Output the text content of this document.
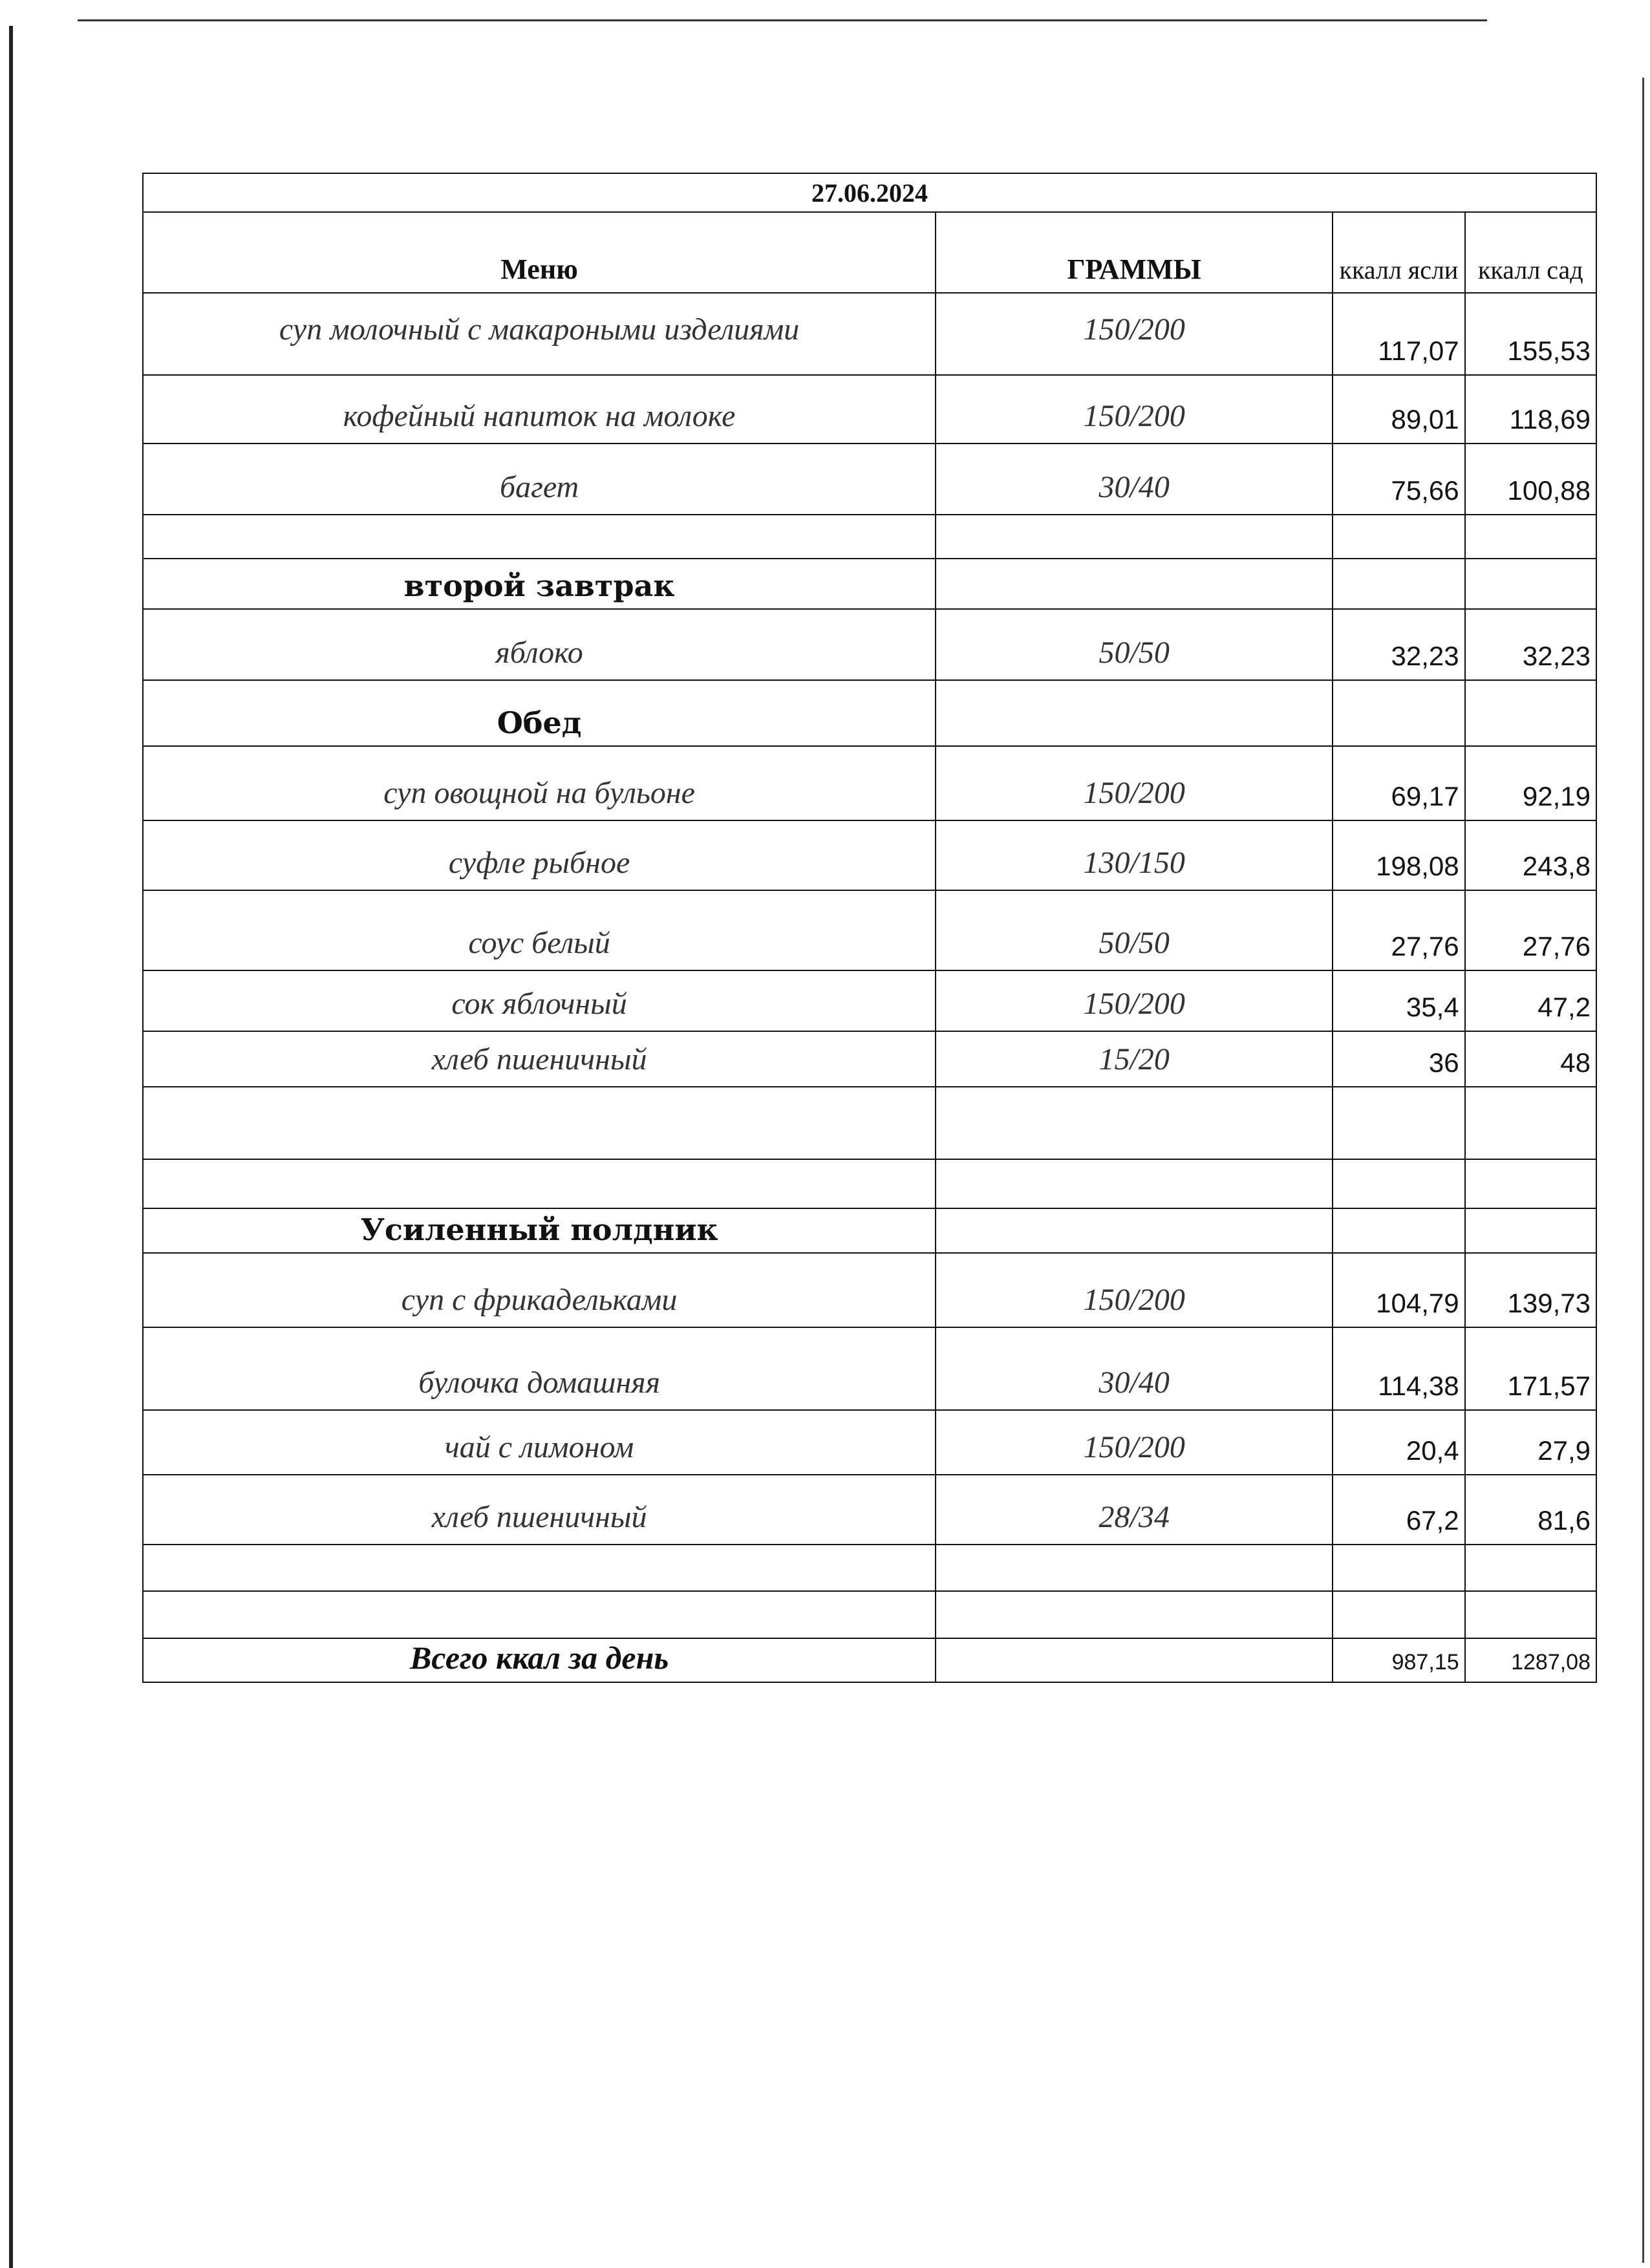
27.06.2024			
Меню	ГРАММЫ	ккалл ясли	ккалл сад
суп молочный с макароными изделиями	150/200	117,07	155,53
кофейный напиток на молоке	150/200	89,01	118,69
багет	30/40	75,66	100,88

второй завтрак			
яблоко	50/50	32,23	32,23
Обед			
суп овощной на бульоне	150/200	69,17	92,19
суфле рыбное	130/150	198,08	243,8
соус белый	50/50	27,76	27,76
сок яблочный	150/200	35,4	47,2
хлеб пшеничный	15/20	36	48

Усиленный полдник			
суп с фрикадельками	150/200	104,79	139,73
булочка домашняя	30/40	114,38	171,57
чай с лимоном	150/200	20,4	27,9
хлеб пшеничный	28/34	67,2	81,6

Всего ккал за день		987,15	1287,08
